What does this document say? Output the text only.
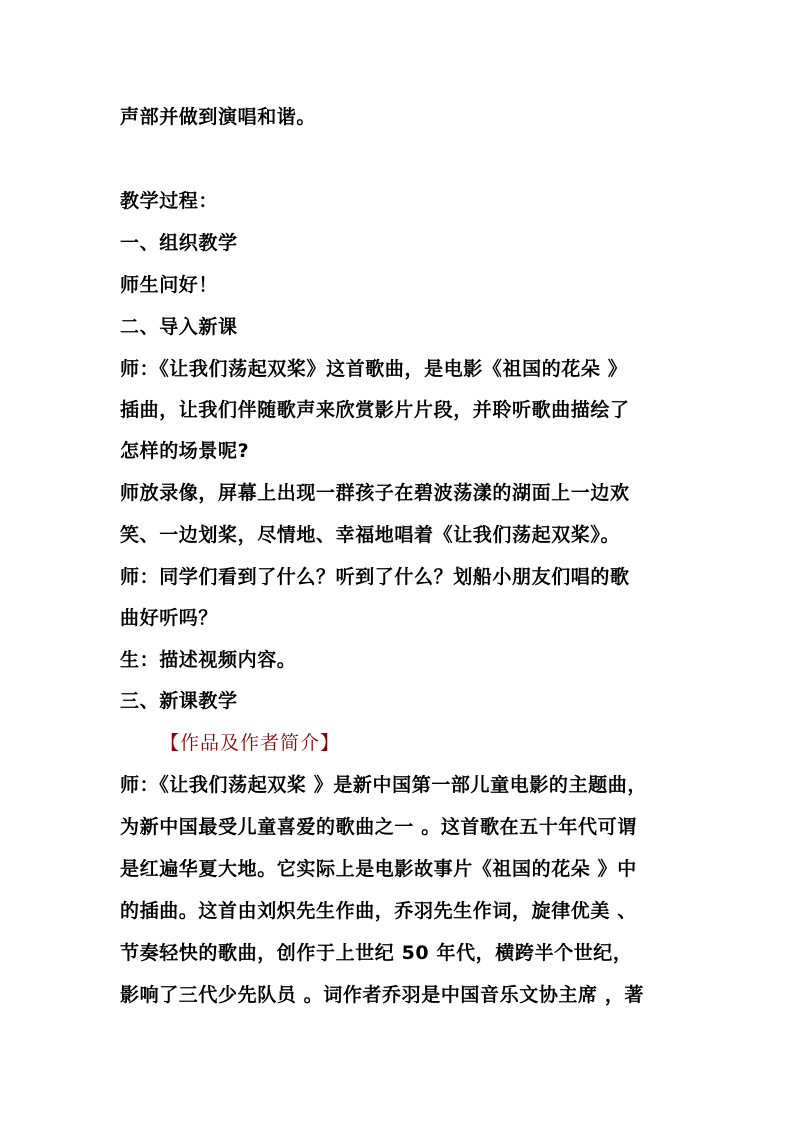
声部并做到演唱和谐。
教学过程：
一、组织教学
师生问好！
二、导入新课
师：《让我们荡起双桨》这首歌曲，是电影《祖国的花朵 》
插曲，让我们伴随歌声来欣赏影片片段，并聆听歌曲描绘了
怎样的场景呢?
师放录像，屏幕上出现一群孩子在碧波荡漾的湖面上一边欢
笑、一边划桨，尽情地、幸福地唱着《让我们荡起双桨》。
师：同学们看到了什么？听到了什么？划船小朋友们唱的歌
曲好听吗？
生：描述视频内容。
三、新课教学
【作品及作者简介】
师：《让我们荡起双桨 》是新中国第一部儿童电影的主题曲，
为新中国最受儿童喜爱的歌曲之一 。这首歌在五十年代可谓
是红遍华夏大地。它实际上是电影故事片《祖国的花朵 》中
的插曲。这首由刘炽先生作曲，乔羽先生作词，旋律优美 、
节奏轻快的歌曲，创作于上世纪 50 年代，横跨半个世纪，
影响了三代少先队员 。词作者乔羽是中国音乐文协主席 ，著
